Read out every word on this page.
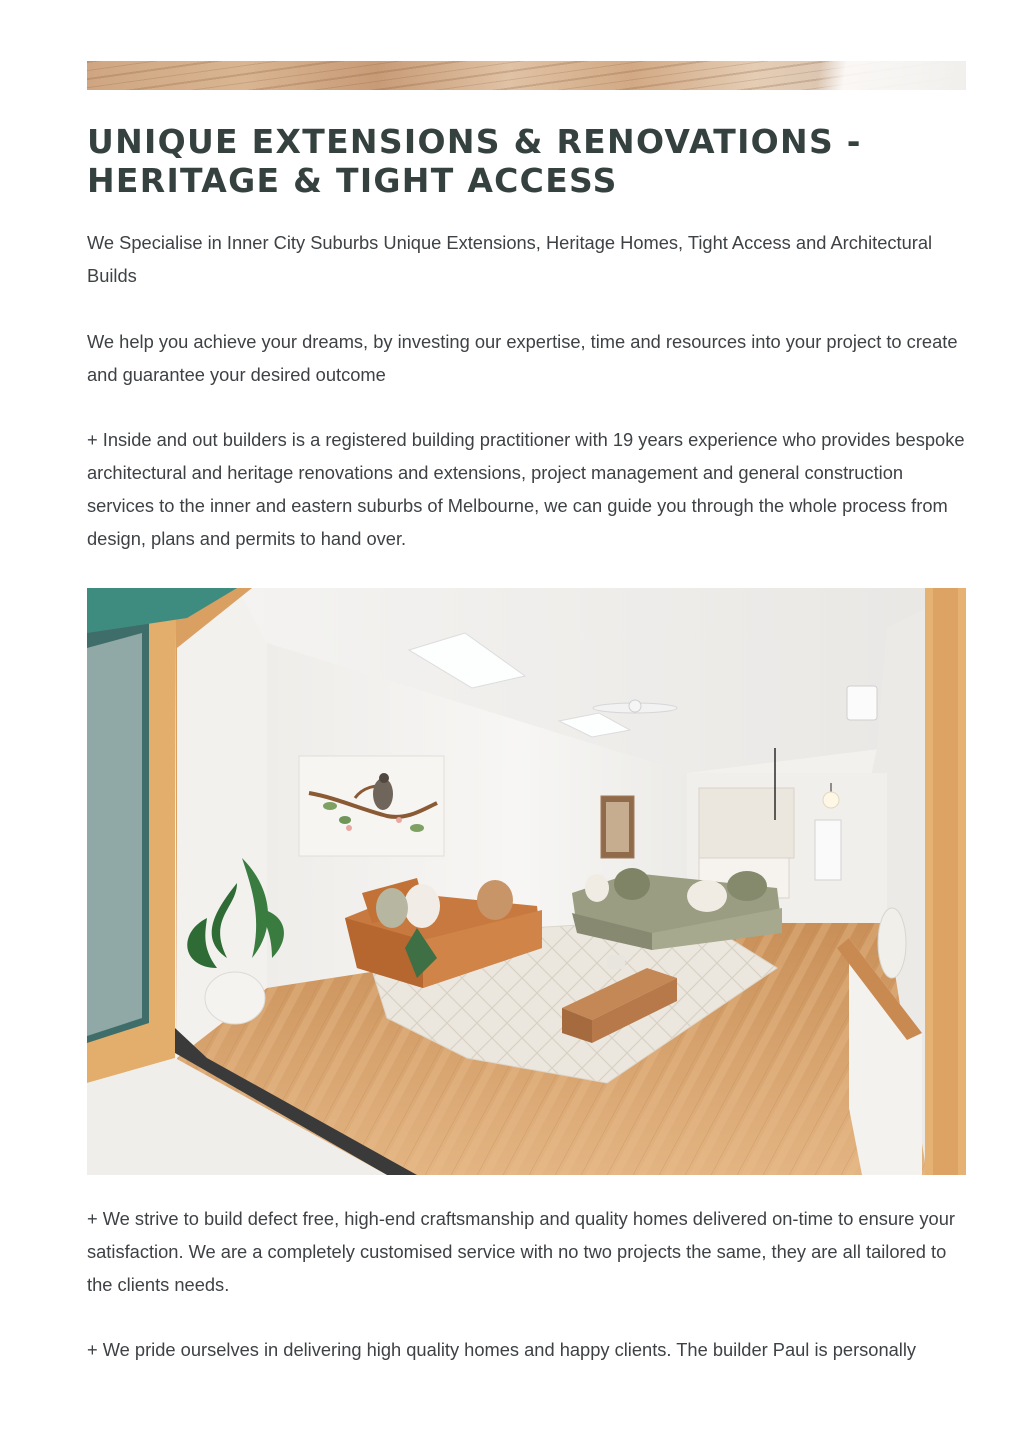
UNIQUE EXTENSIONS & RENOVATIONS - HERITAGE & TIGHT ACCESS

We Specialise in Inner City Suburbs Unique Extensions, Heritage Homes, Tight Access and Architectural Builds

We help you achieve your dreams, by investing our expertise, time and resources into your project to create and guarantee your desired outcome

+ Inside and out builders is a registered building practitioner with 19 years experience who provides bespoke architectural and heritage renovations and extensions, project management and general construction services to the inner and eastern suburbs of Melbourne, we can guide you through the whole process from design, plans and permits to hand over.

+ We strive to build defect free, high-end craftsmanship and quality homes delivered on-time to ensure your satisfaction. We are a completely customised service with no two projects the same, they are all tailored to the clients needs.

+ We pride ourselves in delivering high quality homes and happy clients. The builder Paul is personally
